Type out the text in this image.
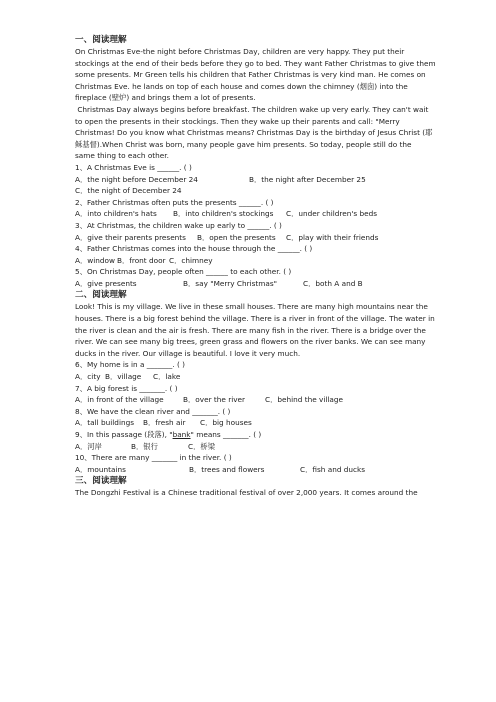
一、阅读理解

On Christmas Eve-the night before Christmas Day, children are very happy. They put their
stockings at the end of their beds before they go to bed. They want Father Christmas to give them
some presents. Mr Green tells his children that Father Christmas is very kind man. He comes on
Christmas Eve. he lands on top of each house and comes down the chimney (烟囱) into the
fireplace (壁炉) and brings them a lot of presents.
Christmas Day always begins before breakfast. The children wake up very early. They can't wait
to open the presents in their stockings. Then they wake up their parents and call: "Merry
Christmas! Do you know what Christmas means? Christmas Day is the birthday of Jesus Christ (耶
稣基督).When Christ was born, many people gave him presents. So today, people still do the
same thing to each other.

1、A Christmas Eve is ______. ( )

A．the night before December 24	B．the night after December 25

C．the night of December 24

2、Father Christmas often puts the presents ______. ( )

A．into children's hats	B．into children's stockings	C．under children's beds

3、At Christmas, the children wake up early to ______. ( )

A．give their parents presents	B．open the presents	C．play with their friends

4、Father Christmas comes into the house through the ______. ( )

A．window B．front door C．chimney

5、On Christmas Day, people often ______ to each other. ( )

A．give presents	B．say "Merry Christmas"	C．both A and B

二、阅读理解

Look! This is my village. We live in these small houses. There are many high mountains near the
houses. There is a big forest behind the village. There is a river in front of the village. The water in
the river is clean and the air is fresh. There are many fish in the river. There is a bridge over the
river. We can see many big trees, green grass and flowers on the river banks. We can see many
ducks in the river. Our village is beautiful. I love it very much.

6、My home is in a _______. ( )

A．city B．village	C．lake

7、A big forest is _______. ( )

A．in front of the village	B．over the river	C．behind the village

8、We have the clean river and _______. ( )

A．tall buildings	B．fresh air	C．big houses

9、In this passage (段落), "bank" means _______. ( )

A．河岸	B．银行	C．桥梁

10、There are many _______ in the river. ( )

A．mountains	B．trees and flowers	C．fish and ducks

三、阅读理解

The Dongzhi Festival is a Chinese traditional festival of over 2,000 years. It comes around the
